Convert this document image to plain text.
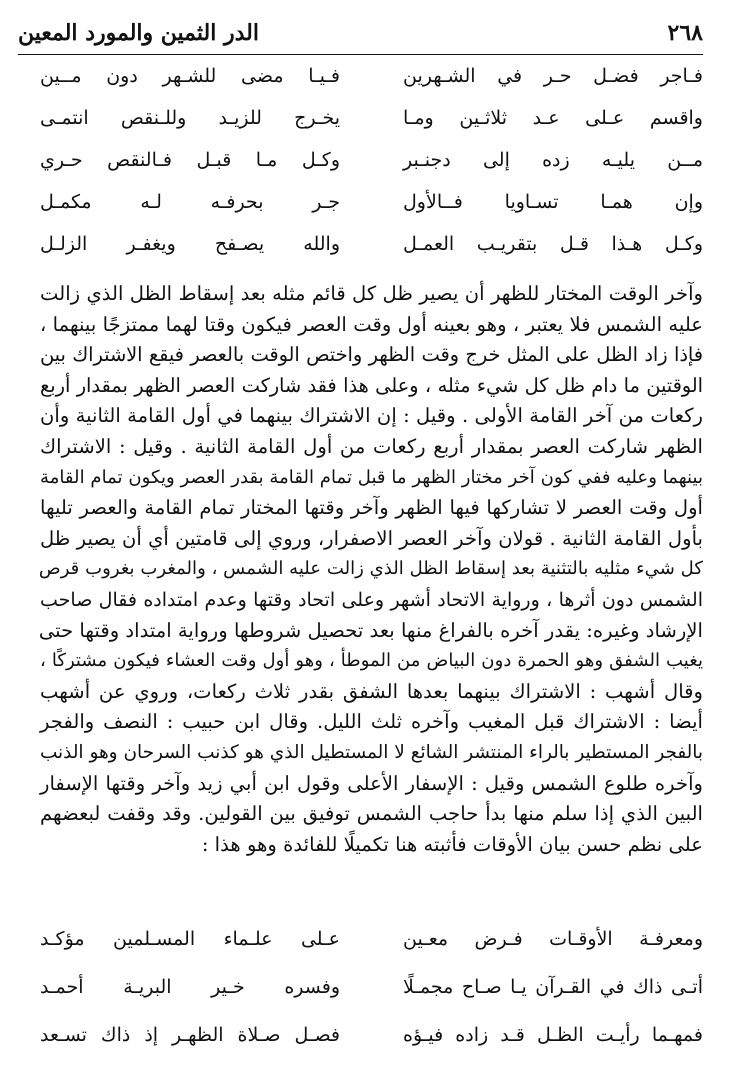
٢٦٨
الدر الثمين والمورد المعين
فـاجر فضـل حـر في الشـهرين
فـيـا مضى للشـهر دون مــين
واقسم عـلى عـد ثلاثـين ومـا
يخـرج للزيـد وللـنقص انتمـى
مــن يليـه زده إلى دجنـبر
وكـل مـا قبـل فـالنقص حـري
وإن همـا تسـاويا فــالأول
جـر بحرفـه لـه مكمـل
وكـل هـذا قـل بتقريـب العمـل
والله يصـفح ويغفـر الزلـل
وآخر الوقت المختار للظهر أن يصير ظل كل قائم مثله بعد إسقاط الظل الذي زالت
عليه الشمس فلا يعتبر ، وهو بعينه أول وقت العصر فيكون وقتا لهما ممتزجًا بينهما ،
فإذا زاد الظل على المثل خرج وقت الظهر واختص الوقت بالعصر فيقع الاشتراك بين
الوقتين ما دام ظل كل شيء مثله ، وعلى هذا فقد شاركت العصر الظهر بمقدار أربع
ركعات من آخر القامة الأولى . وقيل : إن الاشتراك بينهما في أول القامة الثانية وأن
الظهر شاركت العصر بمقدار أربع ركعات من أول القامة الثانية . وقيل : الاشتراك
بينهما وعليه ففي كون آخر مختار الظهر ما قبل تمام القامة بقدر العصر ويكون تمام القامة
أول وقت العصر لا تشاركها فيها الظهر وآخر وقتها المختار تمام القامة والعصر تليها
بأول القامة الثانية . قولان وآخر العصر الاصفرار، وروي إلى قامتين أي أن يصير ظل
كل شيء مثليه بالتثنية بعد إسقاط الظل الذي زالت عليه الشمس ، والمغرب بغروب قرص
الشمس دون أثرها ، ورواية الاتحاد أشهر وعلى اتحاد وقتها وعدم امتداده فقال صاحب
الإرشاد وغيره: يقدر آخره بالفراغ منها بعد تحصيل شروطها ورواية امتداد وقتها حتى
يغيب الشفق وهو الحمرة دون البياض من الموطأ ، وهو أول وقت العشاء فيكون مشتركًا ،
وقال أشهب : الاشتراك بينهما بعدها الشفق بقدر ثلاث ركعات، وروي عن أشهب
أيضا : الاشتراك قبل المغيب وآخره ثلث الليل. وقال ابن حبيب : النصف والفجر
بالفجر المستطير بالراء المنتشر الشائع لا المستطيل الذي هو كذنب السرحان وهو الذنب
وآخره طلوع الشمس وقيل : الإسفار الأعلى وقول ابن أبي زيد وآخر وقتها الإسفار
البين الذي إذا سلم منها بدأ حاجب الشمس توفيق بين القولين. وقد وقفت لبعضهم
على نظم حسن بيان الأوقات فأثبته هنا تكميلًا للفائدة وهو هذا :
ومعرفـة الأوقـات فـرض معـين
عـلى علـماء المسـلمين مؤكـد
أتـى ذاك في القـرآن يـا صـاح مجمـلًا
وفسره خـير البريـة أحمـد
فمهـما رأيـت الظـل قـد زاده فيـؤه
فصـل صـلاة الظهـر إذ ذاك تسـعد
